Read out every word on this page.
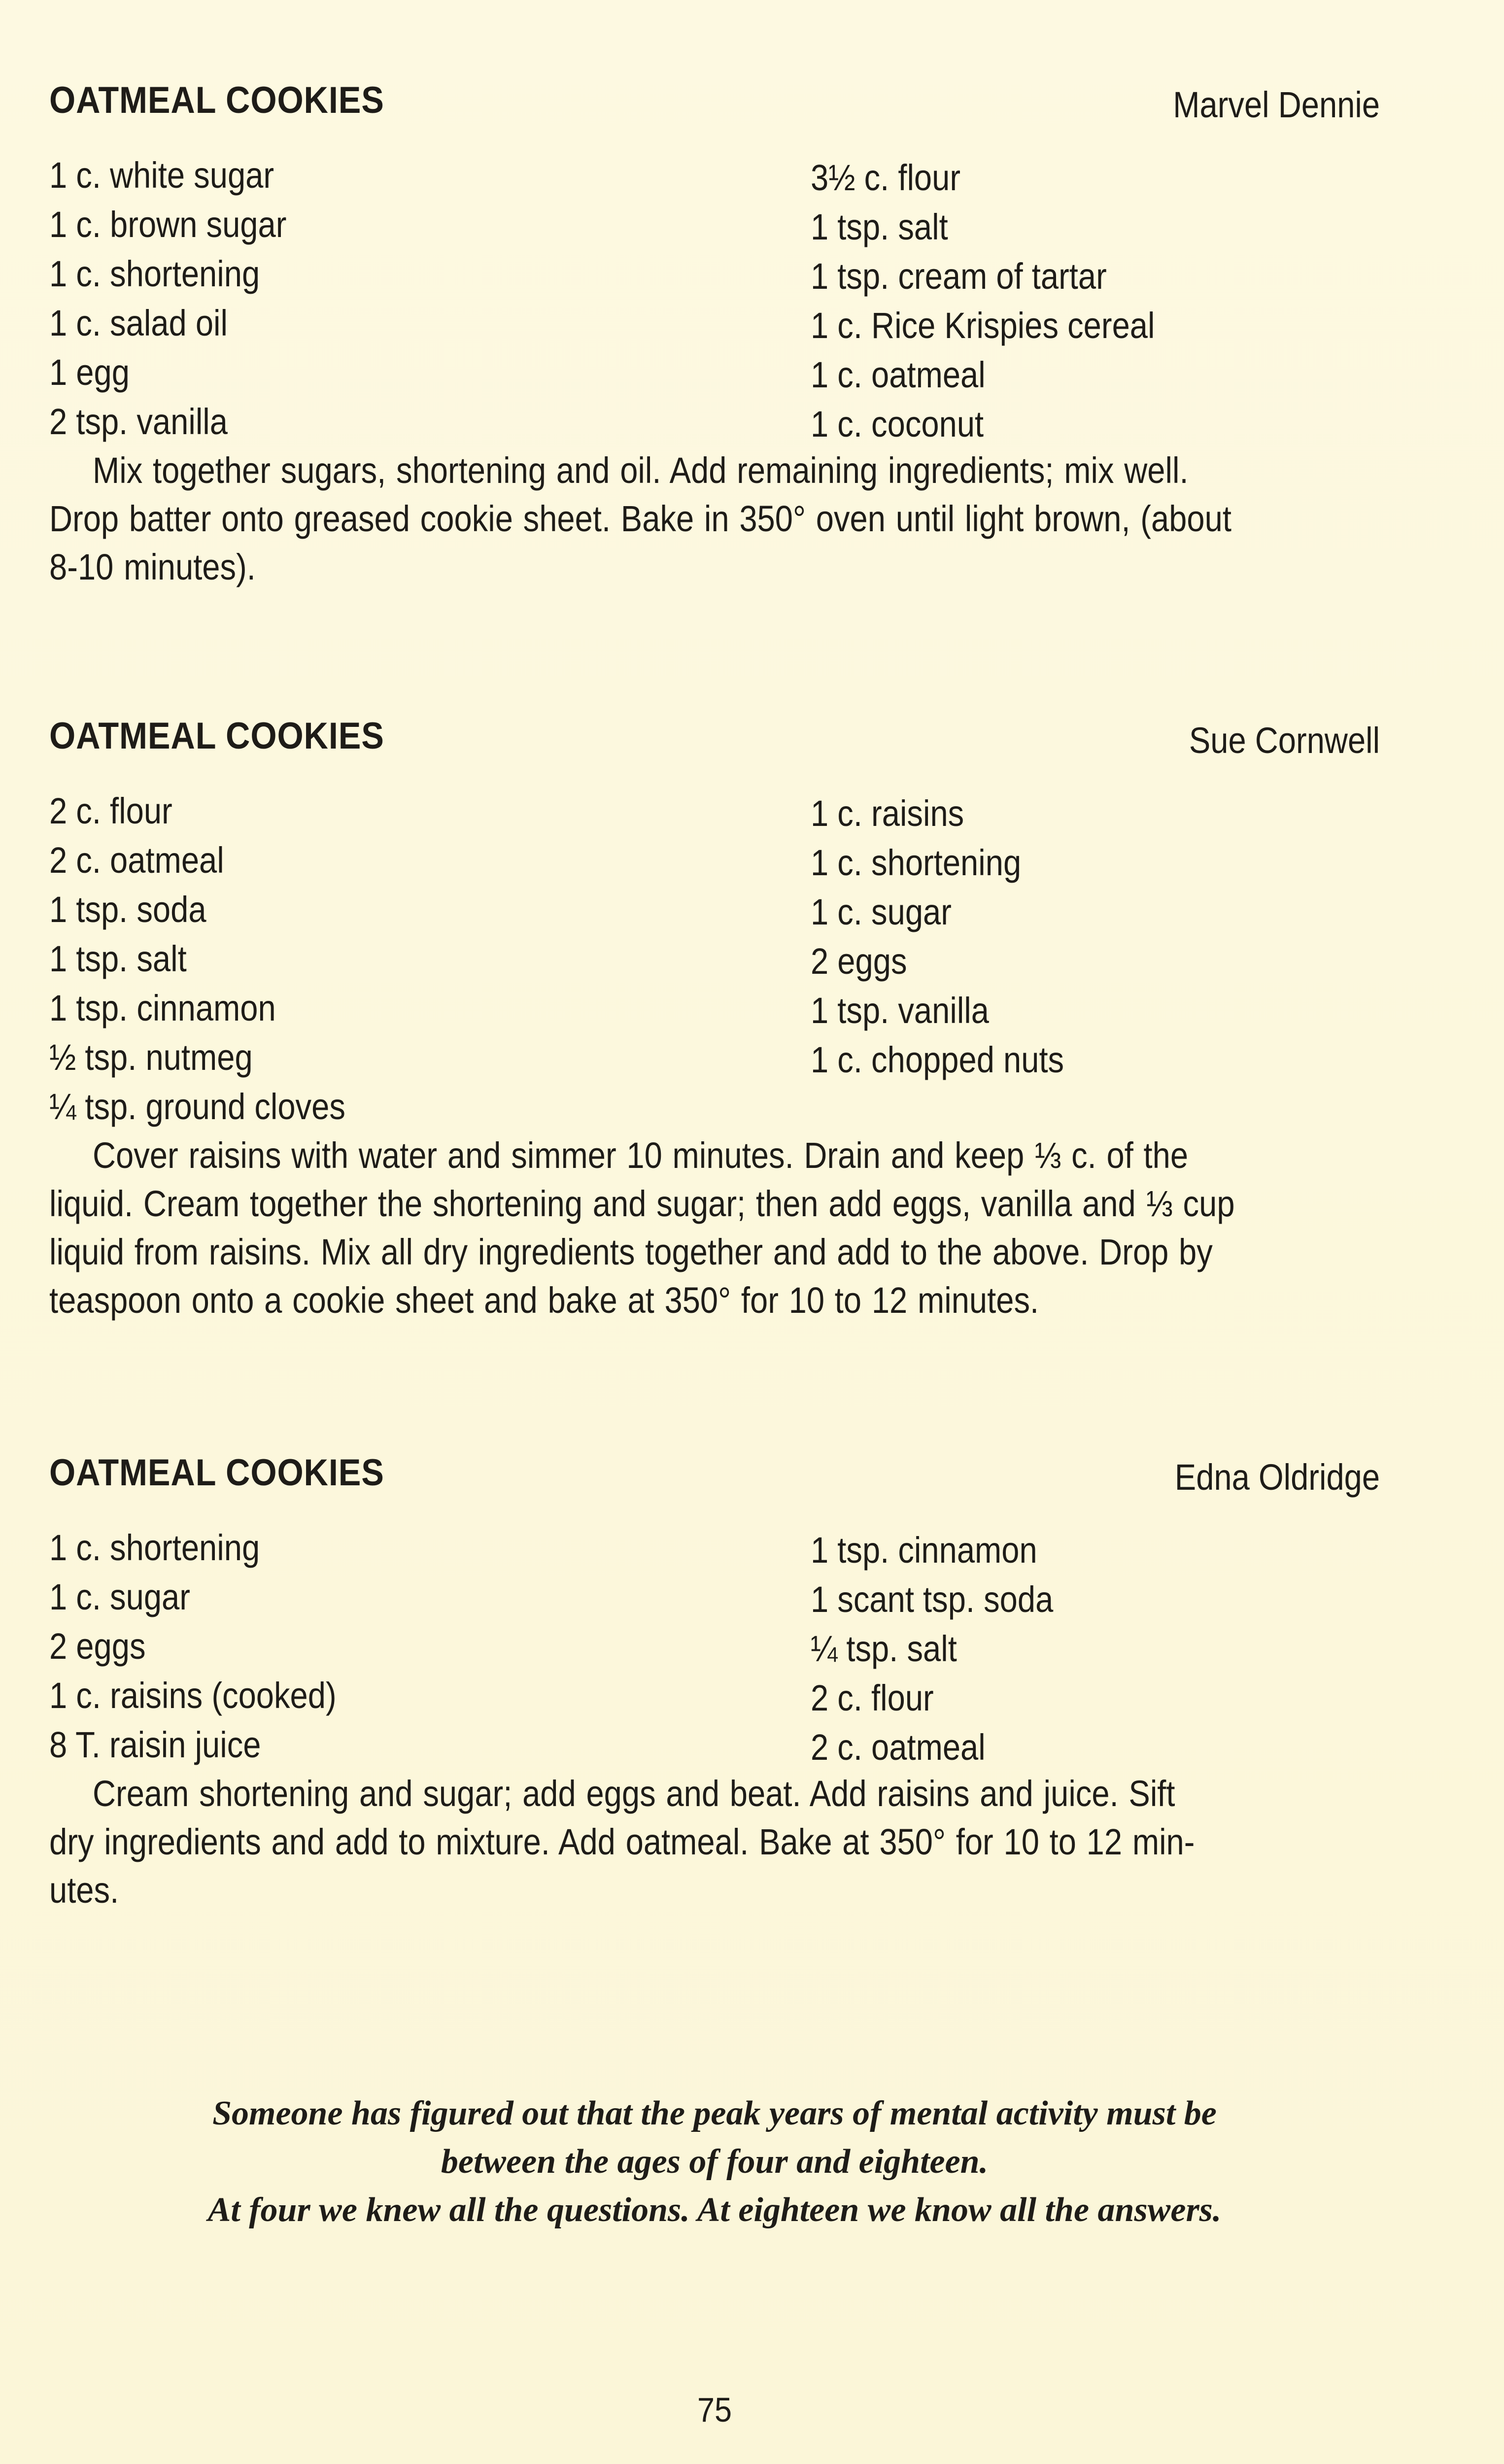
OATMEAL COOKIES	Marvel Dennie
1 c. white sugar
1 c. brown sugar
1 c. shortening
1 c. salad oil
1 egg
2 tsp. vanilla
3½ c. flour
1 tsp. salt
1 tsp. cream of tartar
1 c. Rice Krispies cereal
1 c. oatmeal
1 c. coconut

Mix together sugars, shortening and oil. Add remaining ingredients; mix well.
Drop batter onto greased cookie sheet. Bake in 350° oven until light brown, (about
8-10 minutes).

OATMEAL COOKIES	Sue Cornwell
2 c. flour
2 c. oatmeal
1 tsp. soda
1 tsp. salt
1 tsp. cinnamon
½ tsp. nutmeg
¼ tsp. ground cloves
1 c. raisins
1 c. shortening
1 c. sugar
2 eggs
1 tsp. vanilla
1 c. chopped nuts

Cover raisins with water and simmer 10 minutes. Drain and keep ⅓ c. of the
liquid. Cream together the shortening and sugar; then add eggs, vanilla and ⅓ cup
liquid from raisins. Mix all dry ingredients together and add to the above. Drop by
teaspoon onto a cookie sheet and bake at 350° for 10 to 12 minutes.

OATMEAL COOKIES	Edna Oldridge
1 c. shortening
1 c. sugar
2 eggs
1 c. raisins (cooked)
8 T. raisin juice
1 tsp. cinnamon
1 scant tsp. soda
¼ tsp. salt
2 c. flour
2 c. oatmeal

Cream shortening and sugar; add eggs and beat. Add raisins and juice. Sift
dry ingredients and add to mixture. Add oatmeal. Bake at 350° for 10 to 12 min-
utes.

Someone has figured out that the peak years of mental activity must be
between the ages of four and eighteen.
At four we knew all the questions. At eighteen we know all the answers.
75
